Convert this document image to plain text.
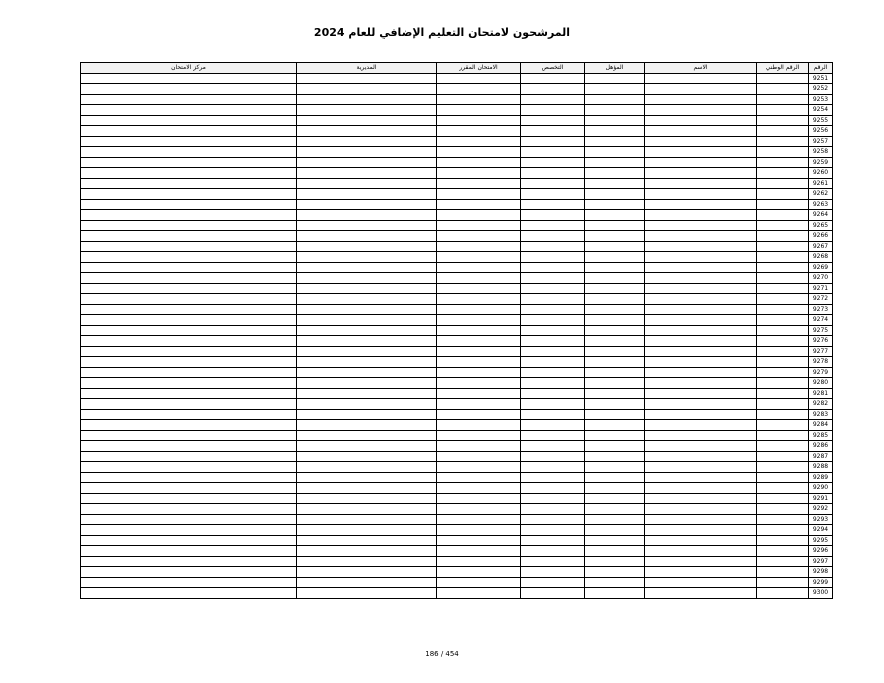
المرشحون لامتحان التعليم الإضافي للعام 2024
الرقم	الرقم الوطني	الاسم	المؤهل	التخصص	الامتحان المقرر	المديرية	مركز الامتحان
9251							
9252							
9253							
9254							
9255							
9256							
9257							
9258							
9259							
9260							
9261							
9262							
9263							
9264							
9265							
9266							
9267							
9268							
9269							
9270							
9271							
9272							
9273							
9274							
9275							
9276							
9277							
9278							
9279							
9280							
9281							
9282							
9283							
9284							
9285							
9286							
9287							
9288							
9289							
9290							
9291							
9292							
9293							
9294							
9295							
9296							
9297							
9298							
9299							
9300							
186 / 454
